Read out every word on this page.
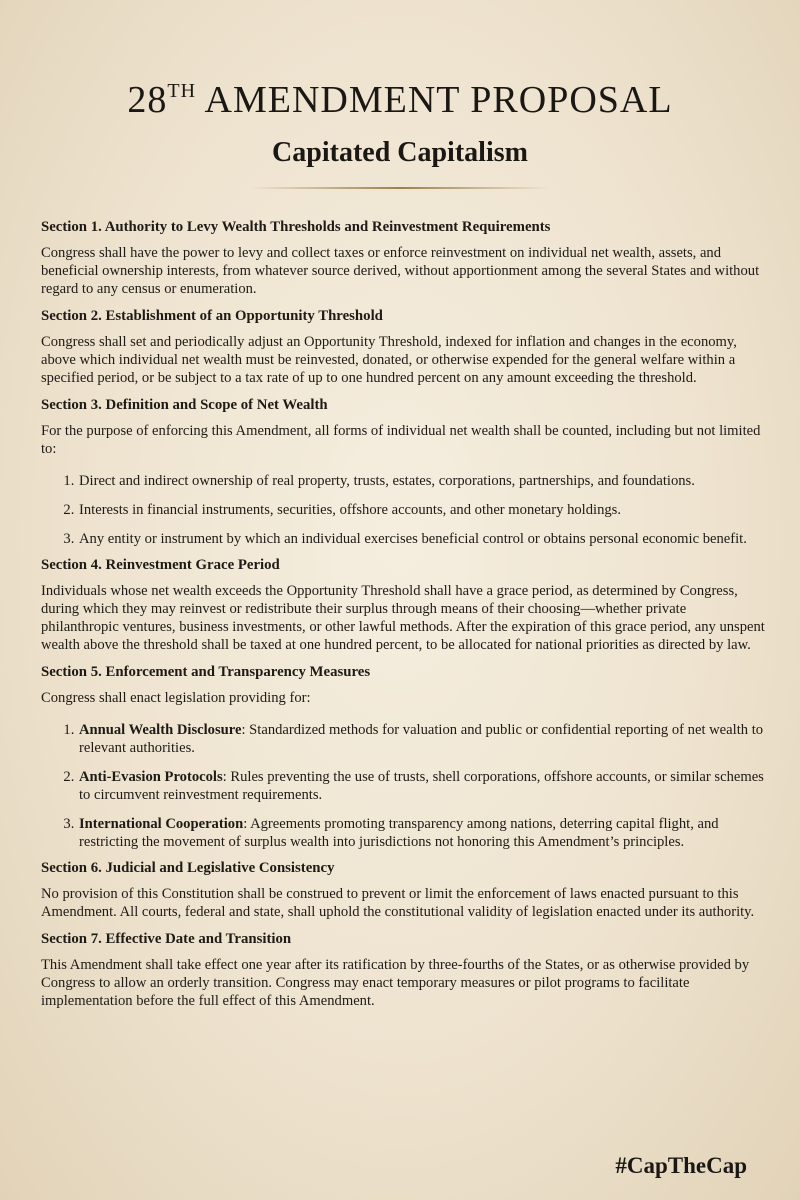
28TH AMENDMENT PROPOSAL
Capitated Capitalism
Section 1. Authority to Levy Wealth Thresholds and Reinvestment Requirements

Congress shall have the power to levy and collect taxes or enforce reinvestment on individual net wealth, assets, and beneficial ownership interests, from whatever source derived, without apportionment among the several States and without regard to any census or enumeration.

Section 2. Establishment of an Opportunity Threshold

Congress shall set and periodically adjust an Opportunity Threshold, indexed for inflation and changes in the economy, above which individual net wealth must be reinvested, donated, or otherwise expended for the general welfare within a specified period, or be subject to a tax rate of up to one hundred percent on any amount exceeding the threshold.

Section 3. Definition and Scope of Net Wealth

For the purpose of enforcing this Amendment, all forms of individual net wealth shall be counted, including but not limited to:

1. Direct and indirect ownership of real property, trusts, estates, corporations, partnerships, and foundations.
2. Interests in financial instruments, securities, offshore accounts, and other monetary holdings.
3. Any entity or instrument by which an individual exercises beneficial control or obtains personal economic benefit.
Section 4. Reinvestment Grace Period

Individuals whose net wealth exceeds the Opportunity Threshold shall have a grace period, as determined by Congress, during which they may reinvest or redistribute their surplus through means of their choosing—whether private philanthropic ventures, business investments, or other lawful methods. After the expiration of this grace period, any unspent wealth above the threshold shall be taxed at one hundred percent, to be allocated for national priorities as directed by law.

Section 5. Enforcement and Transparency Measures

Congress shall enact legislation providing for:

1. Annual Wealth Disclosure: Standardized methods for valuation and public or confidential reporting of net wealth to relevant authorities.
2. Anti-Evasion Protocols: Rules preventing the use of trusts, shell corporations, offshore accounts, or similar schemes to circumvent reinvestment requirements.
3. International Cooperation: Agreements promoting transparency among nations, deterring capital flight, and restricting the movement of surplus wealth into jurisdictions not honoring this Amendment’s principles.
Section 6. Judicial and Legislative Consistency

No provision of this Constitution shall be construed to prevent or limit the enforcement of laws enacted pursuant to this Amendment. All courts, federal and state, shall uphold the constitutional validity of legislation enacted under its authority.

Section 7. Effective Date and Transition

This Amendment shall take effect one year after its ratification by three-fourths of the States, or as otherwise provided by Congress to allow an orderly transition. Congress may enact temporary measures or pilot programs to facilitate implementation before the full effect of this Amendment.

#CapTheCap
